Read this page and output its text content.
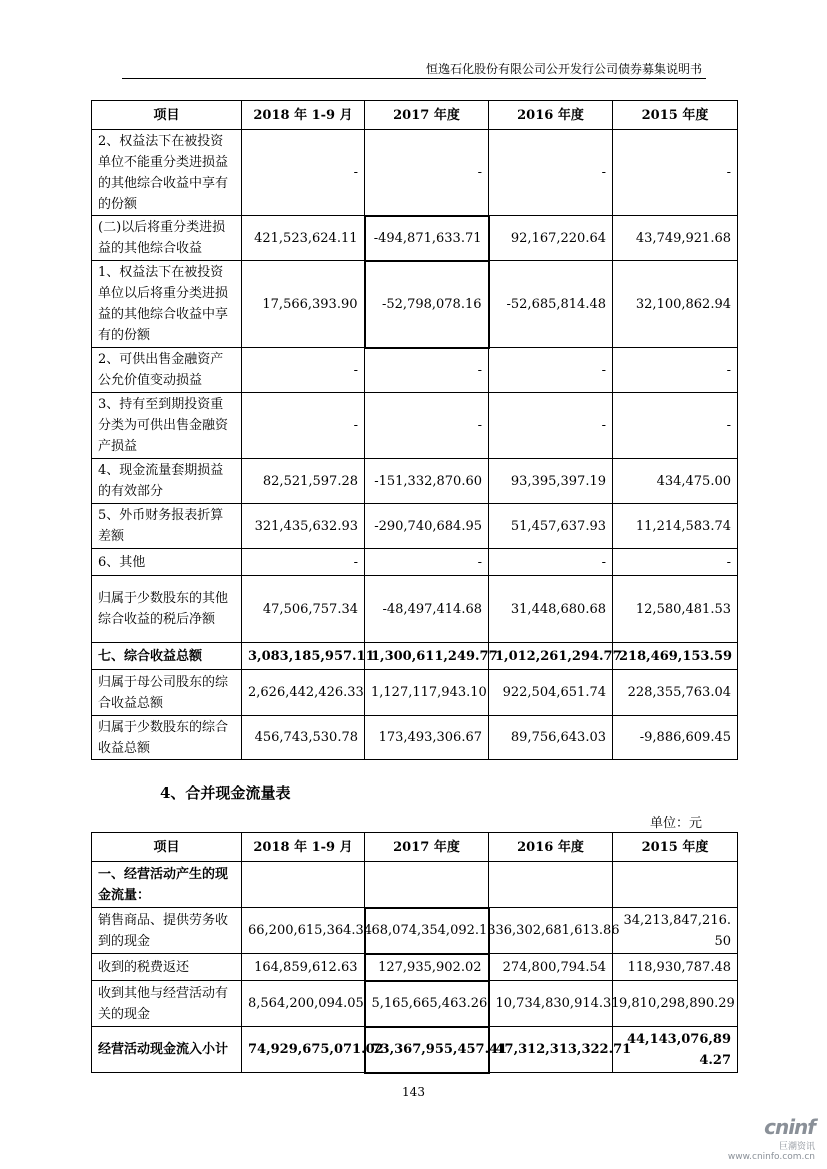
恒逸石化股份有限公司公开发行公司债券募集说明书
项目	2018 年 1-9 月	2017 年度	2016 年度	2015 年度
2、权益法下在被投资单位不能重分类进损益的其他综合收益中享有的份额	-	-	-	-
(二)以后将重分类进损益的其他综合收益	421,523,624.11	-494,871,633.71	92,167,220.64	43,749,921.68
1、权益法下在被投资单位以后将重分类进损益的其他综合收益中享有的份额	17,566,393.90	-52,798,078.16	-52,685,814.48	32,100,862.94
2、可供出售金融资产公允价值变动损益	-	-	-	-
3、持有至到期投资重分类为可供出售金融资产损益	-	-	-	-
4、现金流量套期损益的有效部分	82,521,597.28	-151,332,870.60	93,395,397.19	434,475.00
5、外币财务报表折算差额	321,435,632.93	-290,740,684.95	51,457,637.93	11,214,583.74
6、其他	-	-	-	-
归属于少数股东的其他综合收益的税后净额	47,506,757.34	-48,497,414.68	31,448,680.68	12,580,481.53
七、综合收益总额	3,083,185,957.11	1,300,611,249.77	1,012,261,294.77	218,469,153.59
归属于母公司股东的综合收益总额	2,626,442,426.33	1,127,117,943.10	922,504,651.74	228,355,763.04
归属于少数股东的综合收益总额	456,743,530.78	173,493,306.67	89,756,643.03	-9,886,609.45
4、合并现金流量表
单位：元
项目	2018 年 1-9 月	2017 年度	2016 年度	2015 年度
一、经营活动产生的现金流量：				
销售商品、提供劳务收到的现金	66,200,615,364.34	68,074,354,092.13	36,302,681,613.86	34,213,847,216.50
收到的税费返还	164,859,612.63	127,935,902.02	274,800,794.54	118,930,787.48
收到其他与经营活动有关的现金	8,564,200,094.05	5,165,665,463.26	10,734,830,914.31	9,810,298,890.29
经营活动现金流入小计	74,929,675,071.02	73,367,955,457.41	47,312,313,322.71	44,143,076,894.27
143
cninf
巨潮资讯
www.cninfo.com.cn
